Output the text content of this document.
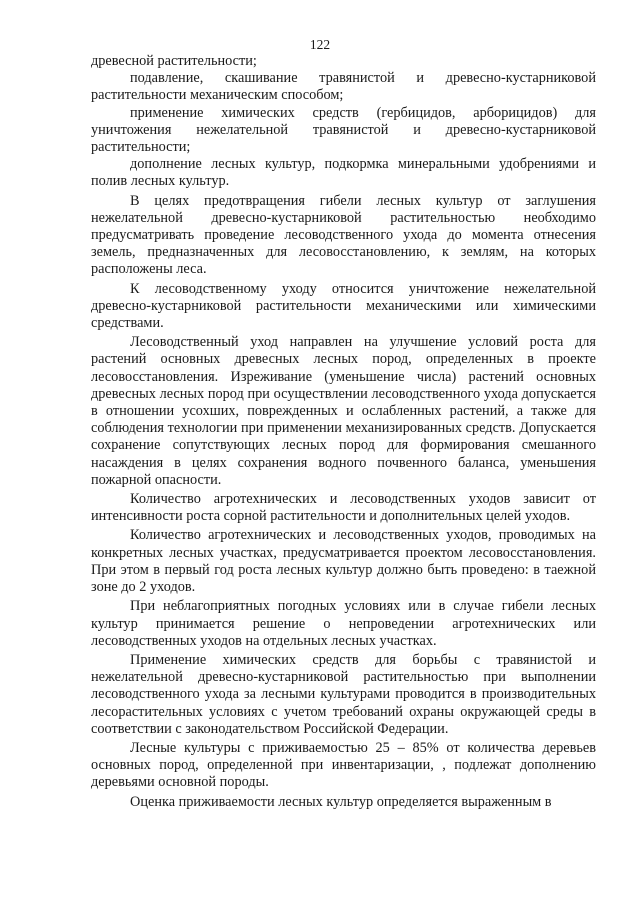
122

древесной растительности;

подавление, скашивание травянистой и древесно-кустарниковой растительности механическим способом;

применение химических средств (гербицидов, арборицидов) для уничтожения нежелательной травянистой и древесно-кустарниковой растительности;

дополнение лесных культур, подкормка минеральными удобрениями и полив лесных культур.

В целях предотвращения гибели лесных культур от заглушения нежелательной древесно-кустарниковой растительностью необходимо предусматривать проведение лесоводственного ухода до момента отнесения земель, предназначенных для лесовосстановлению, к землям, на которых расположены леса.

К лесоводственному уходу относится уничтожение нежелательной древесно-кустарниковой растительности механическими или химическими средствами.

Лесоводственный уход направлен на улучшение условий роста для растений основных древесных лесных пород, определенных в проекте лесовосстановления. Изреживание (уменьшение числа) растений основных древесных лесных пород при осуществлении лесоводственного ухода допускается в отношении усохших, поврежденных и ослабленных растений, а также для соблюдения технологии при применении механизированных средств. Допускается сохранение сопутствующих лесных пород для формирования смешанного насаждения в целях сохранения водного почвенного баланса, уменьшения пожарной опасности.

Количество агротехнических и лесоводственных уходов зависит от интенсивности роста сорной растительности и дополнительных целей уходов.

Количество агротехнических и лесоводственных уходов, проводимых на конкретных лесных участках, предусматривается проектом лесовосстановления. При этом в первый год роста лесных культур должно быть проведено: в таежной зоне до 2 уходов.

При неблагоприятных погодных условиях или в случае гибели лесных культур принимается решение о непроведении агротехнических или лесоводственных уходов на отдельных лесных участках.

Применение химических средств для борьбы с травянистой и нежелательной древесно-кустарниковой растительностью при выполнении лесоводственного ухода за лесными культурами проводится в производительных лесорастительных условиях с учетом требований охраны окружающей среды в соответствии с законодательством Российской Федерации.

Лесные культуры с приживаемостью 25 – 85% от количества деревьев основных пород, определенной при инвентаризации, , подлежат дополнению деревьями основной породы.

Оценка приживаемости лесных культур определяется выраженным в
